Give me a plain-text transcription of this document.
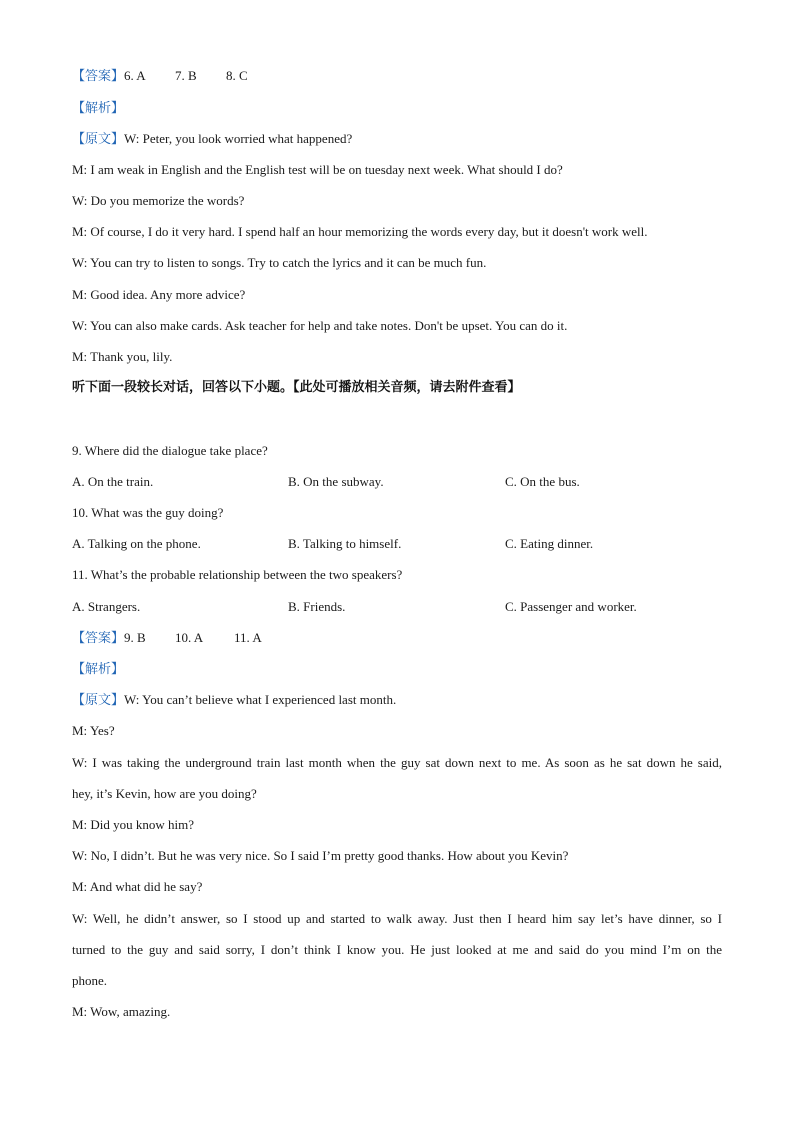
【答案】6. A 7. B 8. C
【解析】
【原文】W: Peter, you look worried what happened?
M: I am weak in English and the English test will be on tuesday next week. What should I do?
W: Do you memorize the words?
M: Of course, I do it very hard. I spend half an hour memorizing the words every day, but it doesn't work well.
W: You can try to listen to songs. Try to catch the lyrics and it can be much fun.
M: Good idea. Any more advice?
W: You can also make cards. Ask teacher for help and take notes. Don't be upset. You can do it.
M: Thank you, lily.
听下面一段较长对话，回答以下小题。【此处可播放相关音频，请去附件查看】
9. Where did the dialogue take place?
A. On the train.	B. On the subway.	C. On the bus.
10. What was the guy doing?
A. Talking on the phone.	B. Talking to himself.	C. Eating dinner.
11. What’s the probable relationship between the two speakers?
A. Strangers.	B. Friends.	C. Passenger and worker.
【答案】9. B 10. A 11. A
【解析】
【原文】W: You can’t believe what I experienced last month.
M: Yes?
W: I was taking the underground train last month when the guy sat down next to me. As soon as he sat down he said,
hey, it’s Kevin, how are you doing?
M: Did you know him?
W: No, I didn’t. But he was very nice. So I said I’m pretty good thanks. How about you Kevin?
M: And what did he say?
W: Well, he didn’t answer, so I stood up and started to walk away. Just then I heard him say let’s have dinner, so I
turned to the guy and said sorry, I don’t think I know you. He just looked at me and said do you mind I’m on the
phone.
M: Wow, amazing.
